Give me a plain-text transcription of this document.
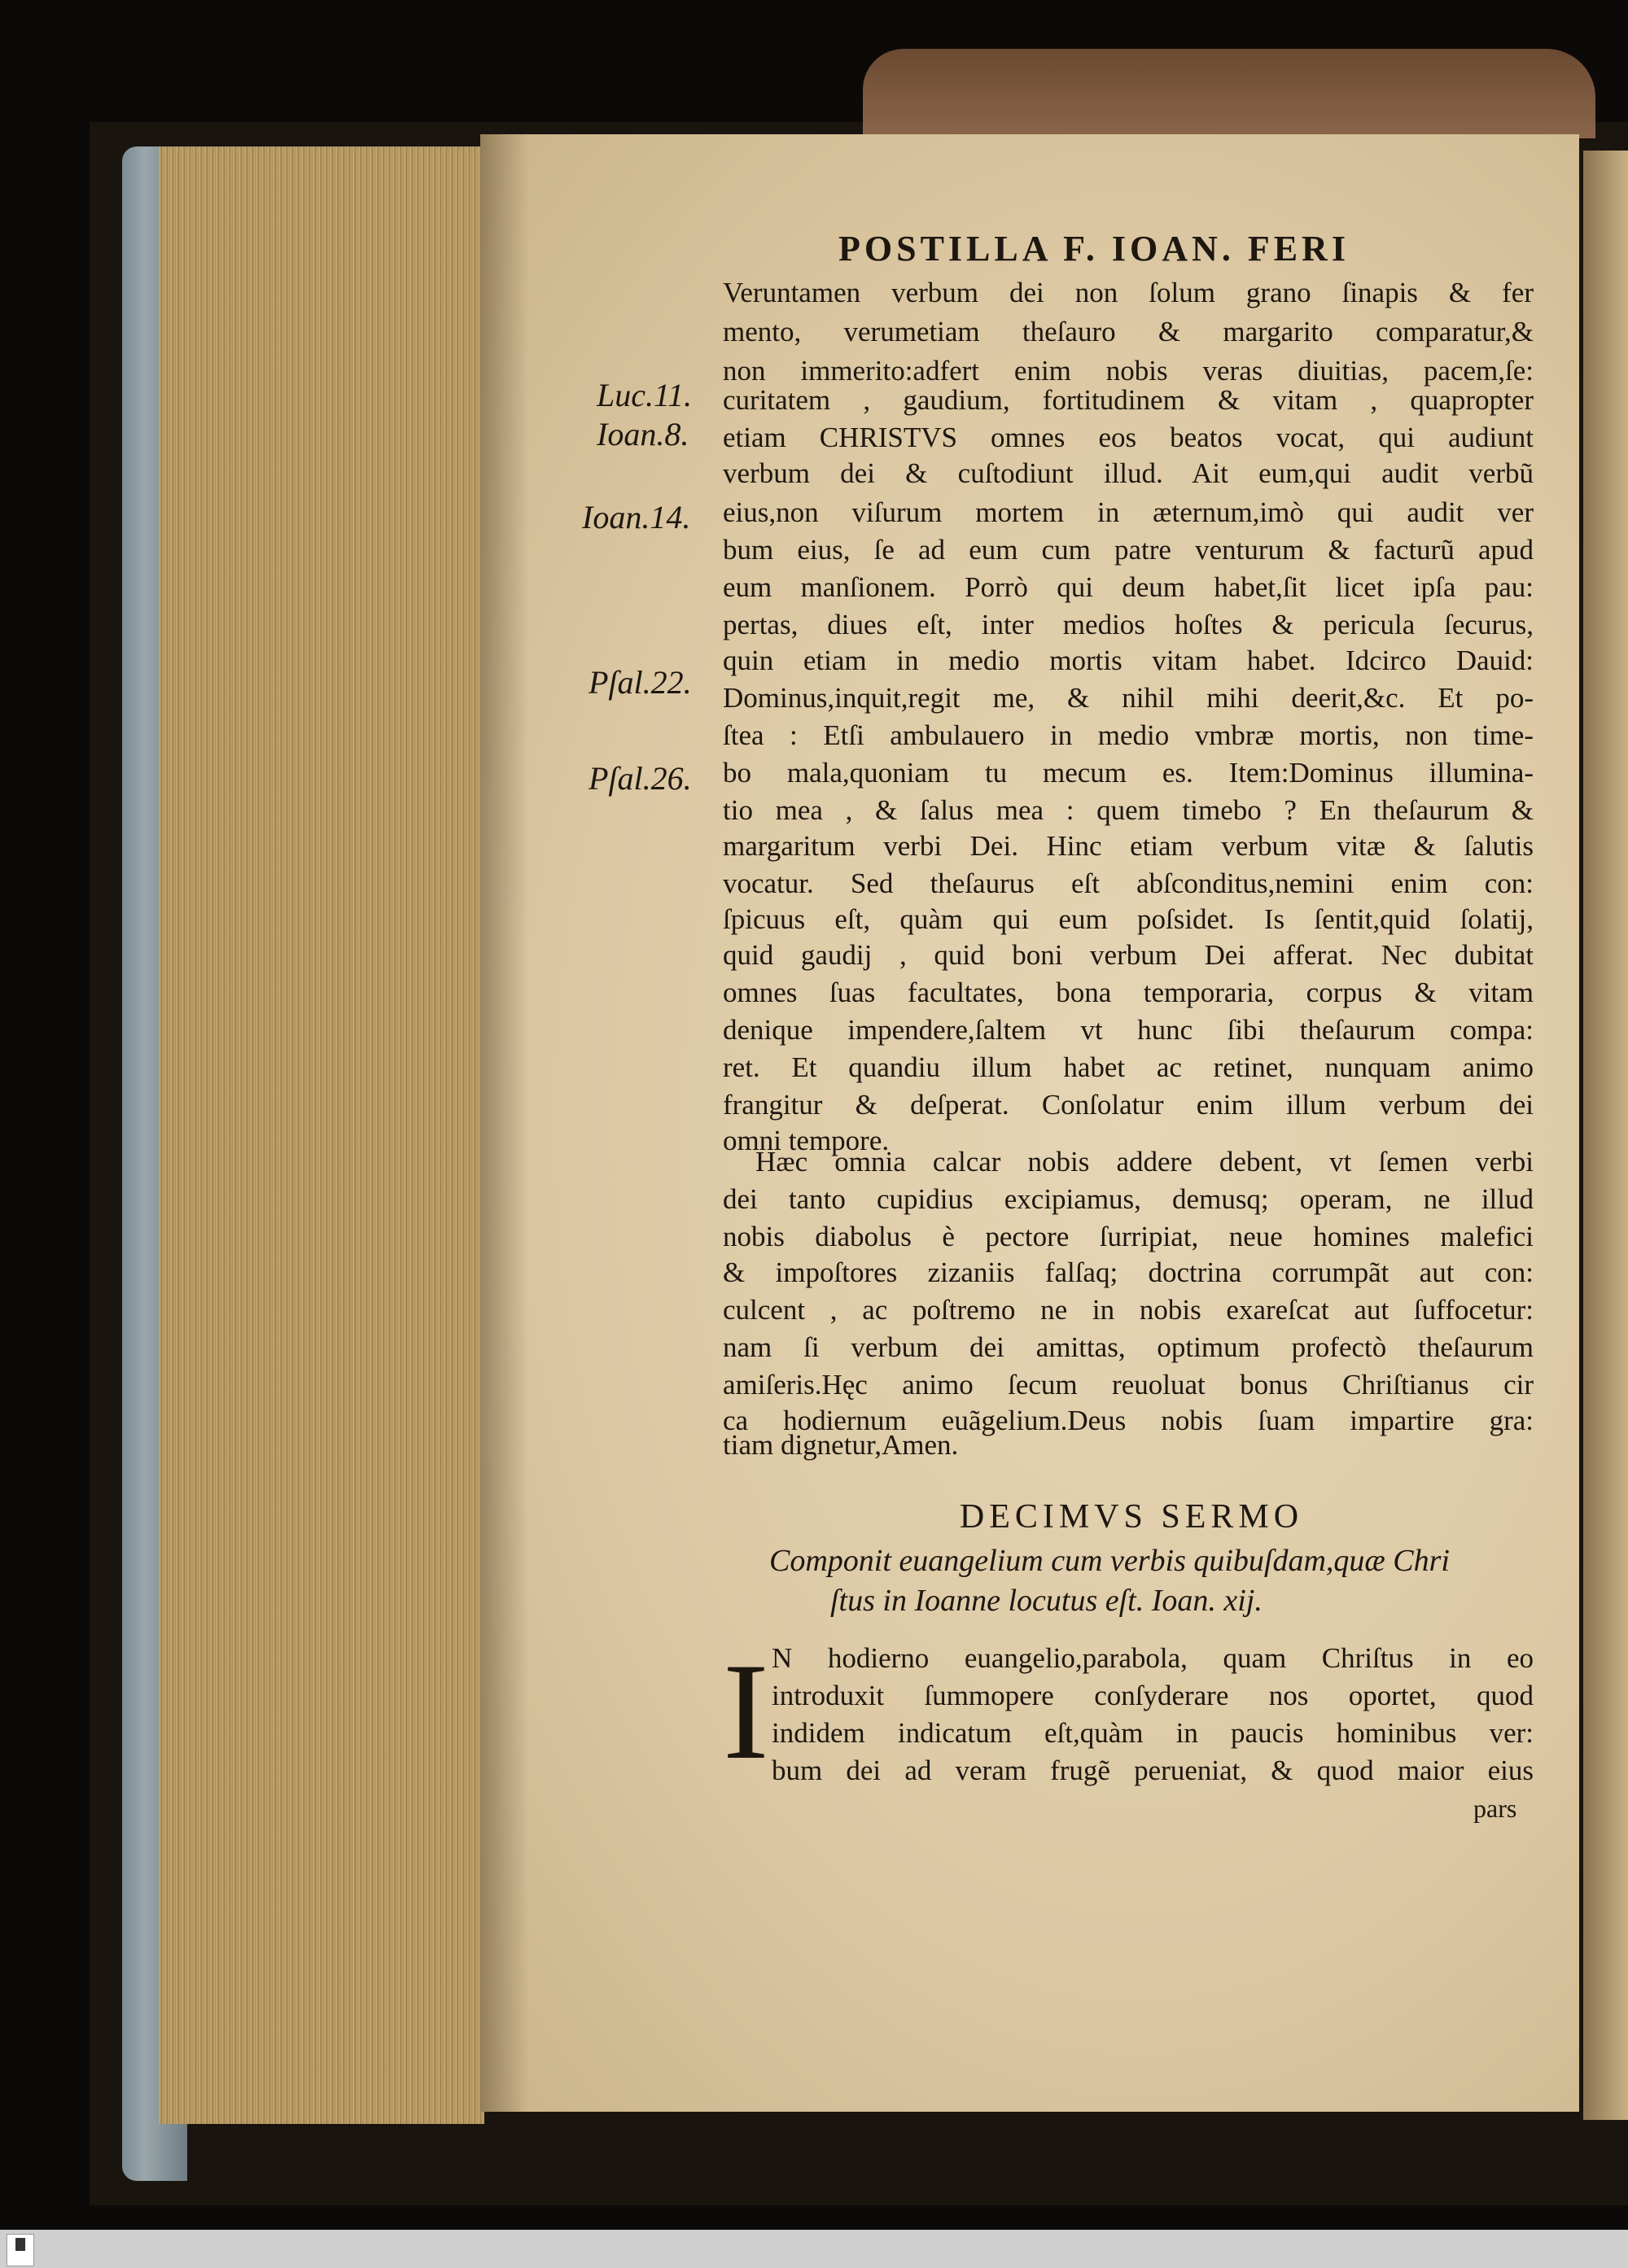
POSTILLA F. IOAN. FERI
Luc.11.
Ioan.8.
Ioan.14.
Pſal.22.
Pſal.26.
Veruntamen verbum dei non ſolum grano ſinapis & fer
mento, verumetiam theſauro & margarito comparatur,&
non immerito:adfert enim nobis veras diuitias, pacem,ſe:
curitatem , gaudium, fortitudinem & vitam , quapropter
etiam CHRISTVS omnes eos beatos vocat, qui audiunt
verbum dei & cuſtodiunt illud. Ait eum,qui audit verbũ
eius,non viſurum mortem in æternum,imò qui audit ver
bum eius, ſe ad eum cum patre venturum & facturũ apud
eum manſionem. Porrò qui deum habet,ſit licet ipſa pau:
pertas, diues eſt, inter medios hoſtes & pericula ſecurus,
quin etiam in medio mortis vitam habet. Idcirco Dauid:
Dominus,inquit,regit me, & nihil mihi deerit,&c. Et po-
ſtea : Etſi ambulauero in medio vmbræ mortis, non time-
bo mala,quoniam tu mecum es. Item:Dominus illumina-
tio mea , & ſalus mea : quem timebo ? En theſaurum &
margaritum verbi Dei. Hinc etiam verbum vitæ & ſalutis
vocatur. Sed theſaurus eſt abſconditus,nemini enim con:
ſpicuus eſt, quàm qui eum poſsidet. Is ſentit,quid ſolatij,
quid gaudij , quid boni verbum Dei afferat. Nec dubitat
omnes ſuas facultates, bona temporaria, corpus & vitam
denique impendere,ſaltem vt hunc ſibi theſaurum compa:
ret. Et quandiu illum habet ac retinet, nunquam animo
frangitur & deſperat. Conſolatur enim illum verbum dei
omni tempore.
Hæc omnia calcar nobis addere debent, vt ſemen verbi
dei tanto cupidius excipiamus, demusq; operam, ne illud
nobis diabolus è pectore ſurripiat, neue homines malefici
& impoſtores zizaniis falſaq; doctrina corrumpãt aut con:
culcent , ac poſtremo ne in nobis exareſcat aut ſuffocetur:
nam ſi verbum dei amittas, optimum profectò theſaurum
amiſeris.Hęc animo ſecum reuoluat bonus Chriſtianus cir
ca hodiernum euãgelium.Deus nobis ſuam impartire gra:
tiam dignetur,Amen.
DECIMVS SERMO
Componit euangelium cum verbis quibuſdam,quæ Chri
ſtus in Ioanne locutus eſt. Ioan. xij.
I N hodierno euangelio,parabola, quam Chriſtus in eo
introduxit ſummopere conſyderare nos oportet, quod
indidem indicatum eſt,quàm in paucis hominibus ver:
bum dei ad veram frugẽ perueniat, & quod maior eius
pars
